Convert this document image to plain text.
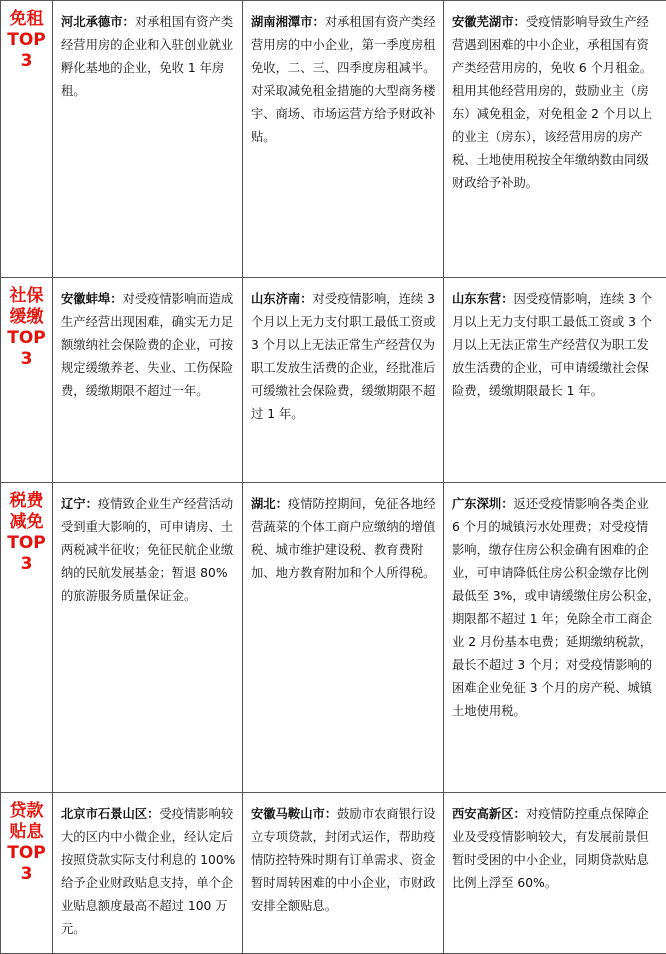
免租
TOP
3	河北承德市：对承租国有资产类经营用房的企业和入驻创业就业孵化基地的企业，免收 1 年房租。	湖南湘潭市：对承租国有资产类经营用房的中小企业，第一季度房租免收，二、三、四季度房租减半。对采取减免租金措施的大型商务楼宇、商场、市场运营方给予财政补贴。	安徽芜湖市：受疫情影响导致生产经营遇到困难的中小企业，承租国有资产类经营用房的，免收 6 个月租金。租用其他经营用房的，鼓励业主（房东）减免租金，对免租金 2 个月以上的业主（房东），该经营用房的房产税、土地使用税按全年缴纳数由同级财政给予补助。

社保
缓缴
TOP
3	安徽蚌埠：对受疫情影响而造成生产经营出现困难，确实无力足额缴纳社会保险费的企业，可按规定缓缴养老、失业、工伤保险费，缓缴期限不超过一年。	山东济南：对受疫情影响，连续 3 个月以上无力支付职工最低工资或 3 个月以上无法正常生产经营仅为职工发放生活费的企业，经批准后可缓缴社会保险费，缓缴期限不超过 1 年。	山东东营：因受疫情影响，连续 3 个月以上无力支付职工最低工资或 3 个月以上无法正常生产经营仅为职工发放生活费的企业，可申请缓缴社会保险费，缓缴期限最长 1 年。

税费
减免
TOP
3	辽宁：疫情致企业生产经营活动受到重大影响的，可申请房、土两税减半征收；免征民航企业缴纳的民航发展基金；暂退 80% 的旅游服务质量保证金。	湖北：疫情防控期间，免征各地经营蔬菜的个体工商户应缴纳的增值税、城市维护建设税、教育费附加、地方教育附加和个人所得税。	广东深圳：返还受疫情影响各类企业 6 个月的城镇污水处理费；对受疫情影响，缴存住房公积金确有困难的企业，可申请降低住房公积金缴存比例最低至 3%，或申请缓缴住房公积金，期限都不超过 1 年；免除全市工商企业 2 月份基本电费；延期缴纳税款，最长不超过 3 个月；对受疫情影响的困难企业免征 3 个月的房产税、城镇土地使用税。

贷款
贴息
TOP
3	北京市石景山区：受疫情影响较大的区内中小微企业，经认定后按照贷款实际支付利息的 100% 给予企业财政贴息支持，单个企业贴息额度最高不超过 100 万元。	安徽马鞍山市：鼓励市农商银行设立专项贷款，封闭式运作，帮助疫情防控特殊时期有订单需求、资金暂时周转困难的中小企业，市财政安排全额贴息。	西安高新区：对疫情防控重点保障企业及受疫情影响较大，有发展前景但暂时受困的中小企业，同期贷款贴息比例上浮至 60%。
